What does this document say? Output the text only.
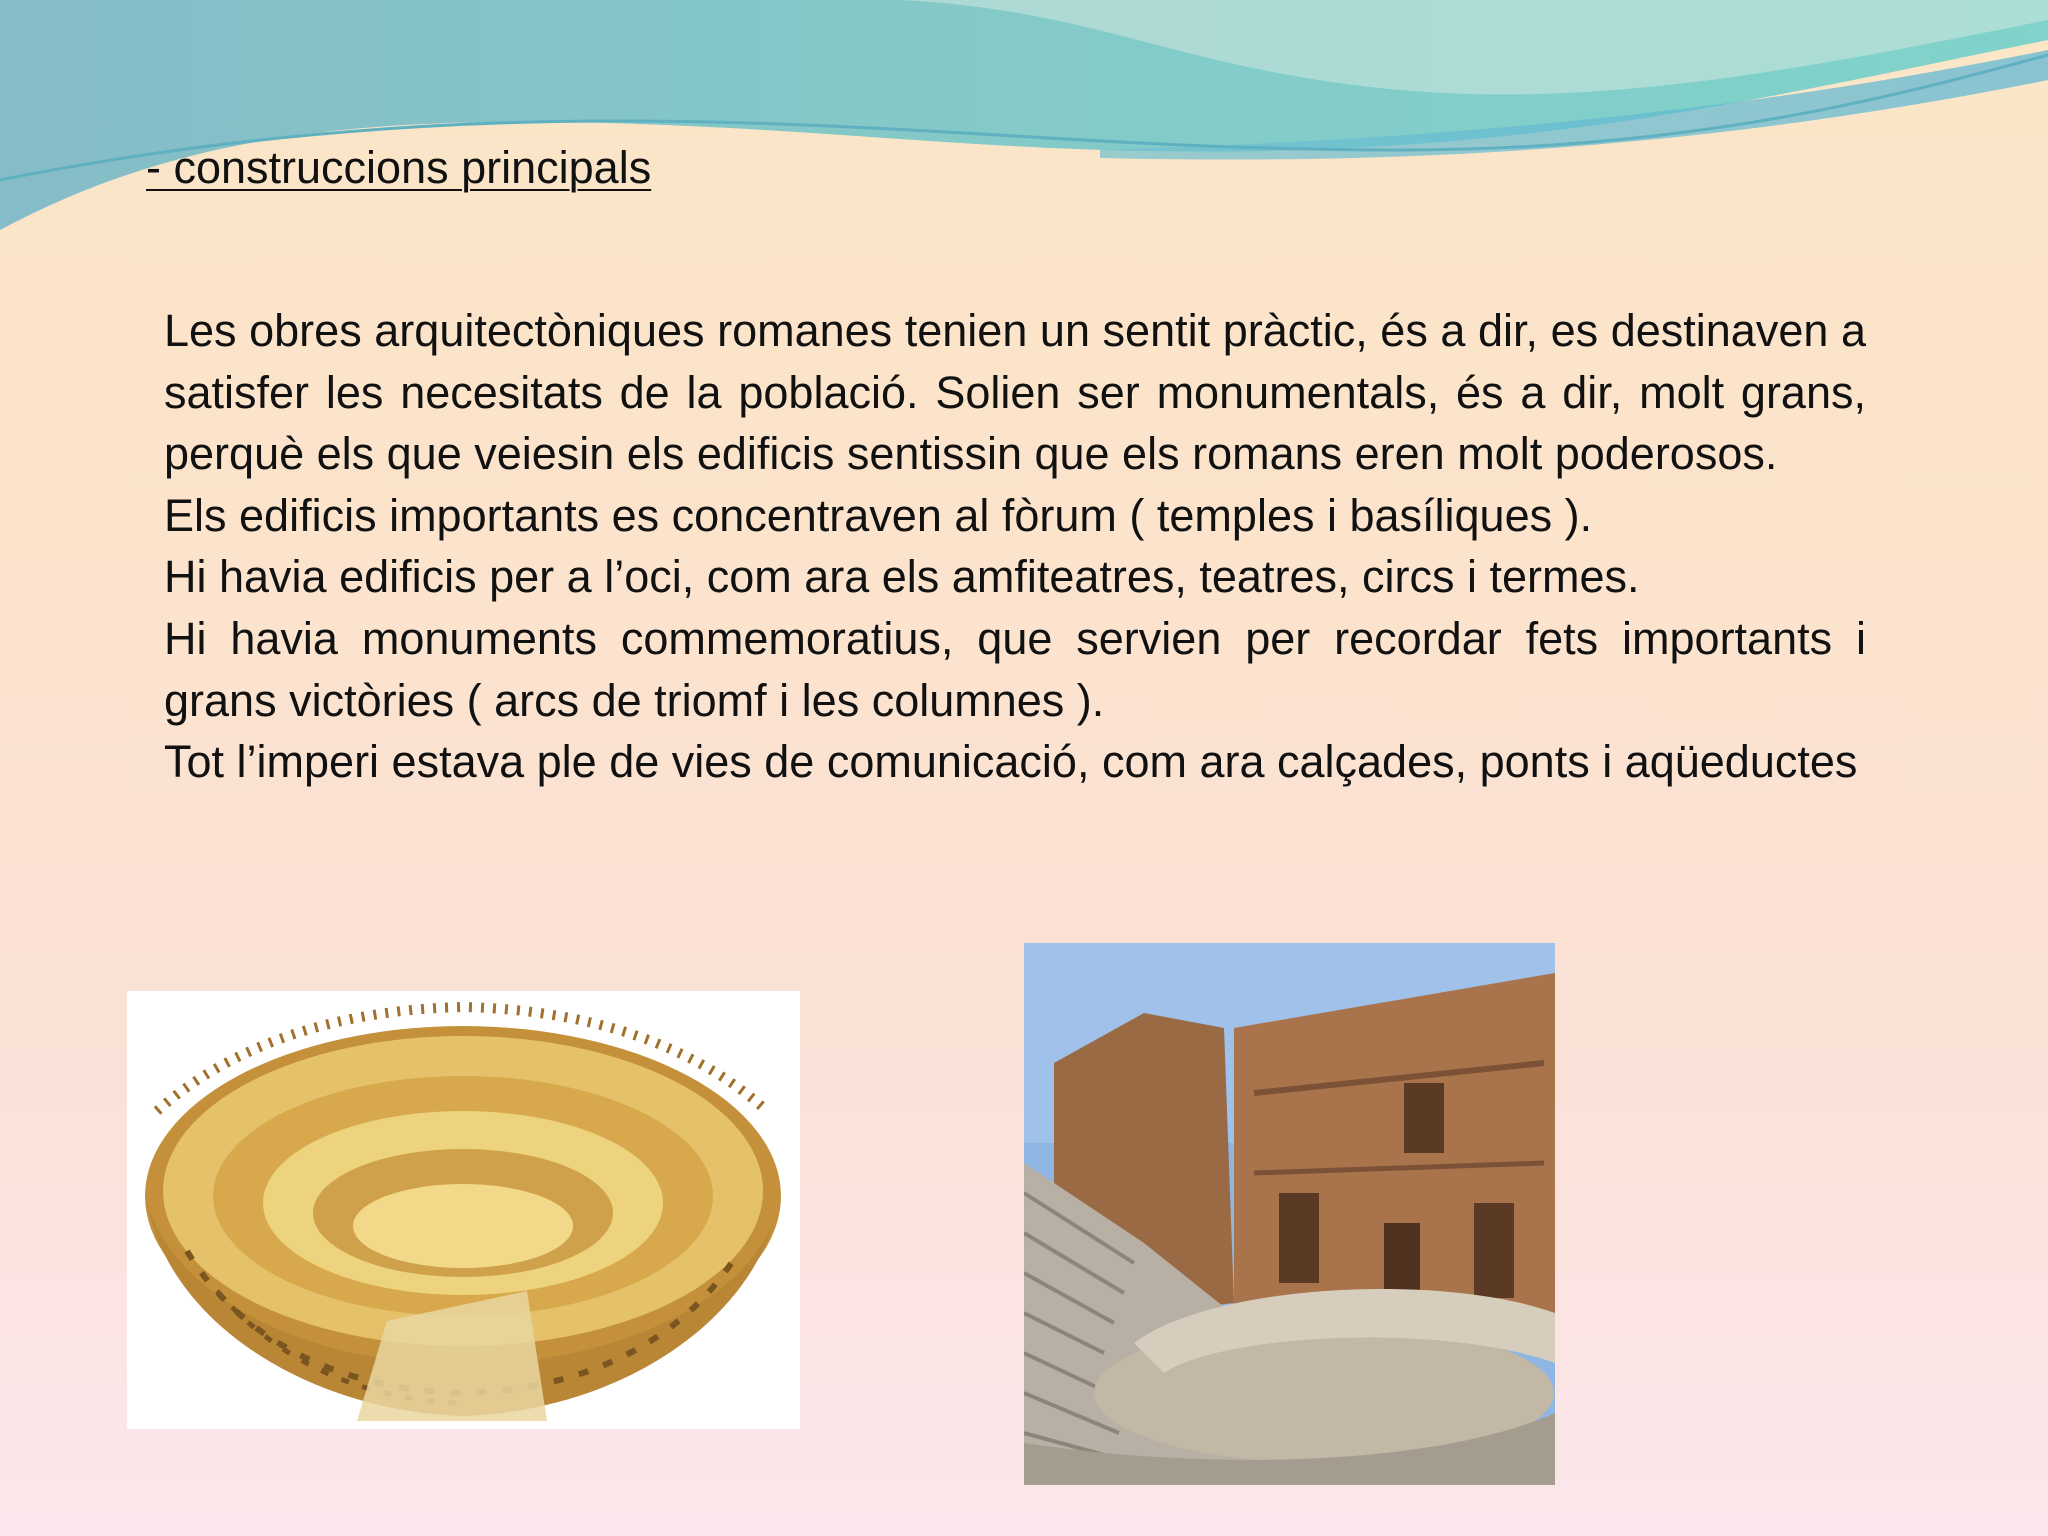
- construccions principals

Les obres arquitectòniques romanes tenien un sentit pràctic, és a dir, es destinaven a satisfer les necesitats de la població. Solien ser monumentals, és a dir, molt grans, perquè els que veiesin els edificis sentissin que els romans eren molt poderosos.

Els edificis importants es concentraven al fòrum ( temples i basíliques ).

Hi havia edificis per a l’oci, com ara els amfiteatres, teatres, circs i termes.

Hi havia monuments commemoratius, que servien per recordar fets importants i grans victòries ( arcs de triomf i les columnes ).

Tot l’imperi estava ple de vies de comunicació, com ara calçades, ponts i aqüeductes
